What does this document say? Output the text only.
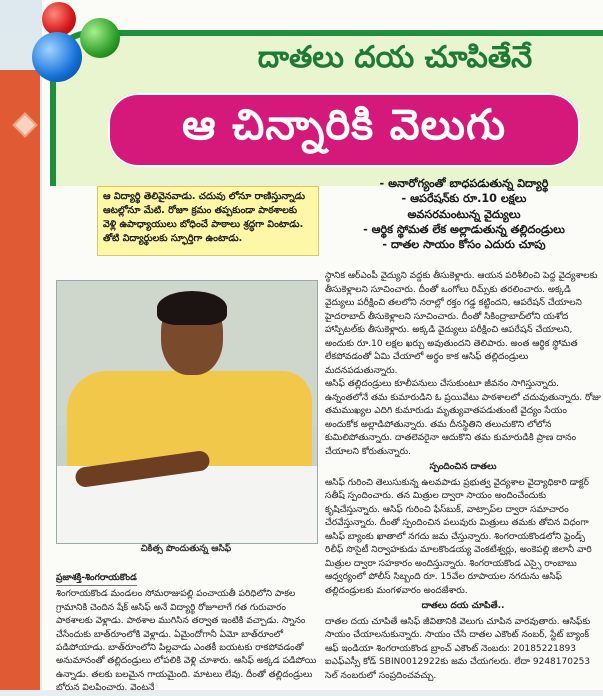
దాతలు దయ చూపితేనే
ఆ చిన్నారికి వెలుగు
ఆ విద్యార్థి తెలివైనవాడు. చదువు లోనూ రాణిస్తున్నాడు ఆటల్లోనూ మేటి. రోజూ క్రమం తప్పకుండా పాఠశాలకు వెళ్లి ఉపాధ్యాయులు బోధించే పాఠాలు శ్రద్ధగా వింటాడు. తోటి విద్యార్థులకు స్ఫూర్తిగా ఉంటాడు.
- అనారోగ్యంతో బాధపడుతున్న విద్యార్థి
- ఆపరేషన్‌కు రూ.10 లక్షలు
అవసరమంటున్న వైద్యులు
- ఆర్థిక స్థోమత లేక అల్లాడుతున్న తల్లిదండ్రులు
- దాతల సాయం కోసం ఎదురు చూపు
చికిత్స పొందుతున్న ఆసిఫ్
ప్రజాశక్తి-శింగరాయకొండ

శింగరాయకొండ మండలం సోమరాజుపల్లి పంచాయతీ పరిధిలోని పాకల గ్రామానికి చెందిన షేక్ ఆసిఫ్ అనే విద్యార్థి రోజూలాగే గత గురువారం పాఠశాలకు వెళ్లాడు. పాఠశాల ముగిసిన తర్వాత ఇంటికి వచ్చాడు. స్నానం చేసేందుకు బాత్‌రూంలోకి వెళ్లాడు. ఏమైందోగానీ ఏమో బాత్‌రూంలో పడిపోయాడు. బాత్‌రూంలోని పిల్లవాడు ఎంతకీ బయటకు రాకపోవడంతో అనుమానంతో తల్లిదండ్రులు లోపలికి వెళ్లి చూశారు. ఆసిఫ్ అక్కడ పడిపోయి ఉన్నాడు. తలకు బలమైన గాయమైంది. మాటలు లేవు. దీంతో తల్లిదండ్రులు బోరున విలపించారు. వెంటనే

స్థానిక ఆర్‌ఎంపీ వైద్యుని వద్దకు తీసుకెళ్లారు. ఆయన పరిశీలించి పెద్ద వైద్యశాలకు తీసుకెళ్లాలని సూచించారు. దీంతో ఒంగోలు రిమ్స్‌కు తరలించారు. అక్కడి వైద్యులు పరీక్షించి తలలోని నరాల్లో రక్తం గడ్డ కట్టిందని, ఆపరేషన్ చేయాలని హైదరాబాద్ తీసుకెళ్లాలని సూచించారు. దీంతో సికింద్రాబాద్‌లోని యశోద హాస్పిటల్‌కు తీసుకెళ్లారు. అక్కడి వైద్యులు పరీక్షించి ఆపరేషన్ చేయాలని, అందుకు రూ.10 లక్షల ఖర్చు అవుతుందని తెలిపారు. అంత ఆర్థిక స్థోమత లేకపోవడంతో ఏమి చేయాలో అర్థం కాక ఆసిఫ్ తల్లిదండ్రులు మదనపడుతున్నారు.

ఆసిఫ్ తల్లిదండ్రులు కూలీపనులు చేసుకుంటూ జీవనం సాగిస్తున్నారు. ఉన్నంతలోనే తమ కుమారుడిని ఓ ప్రయివేటు పాఠశాలలో చదువుతున్నారు. రోజు తమముఖ్యల ఎదిగి కుమారుడు మృత్యువాతపడుతుంటే వైద్యం సేయం అందుకోక అల్లాడిపోతున్నారు. తమ దీనస్థితిని తలుచుకొని లోలోన కుమిలిపోతున్నారు. దాతలెవరైనా ఆదుకొని తమ కుమారుడికి ప్రాణ దానం చేయాలని కోరుతున్నారు.

స్పందించిన దాతలు

ఆసిఫ్ గురించి తెలుసుకున్న ఉలవపాడు ప్రభుత్వ వైద్యశాల వైద్యాధికారి డాక్టర్ సతీష్ స్పందించారు. తన మిత్రుల ద్వారా సాయం అందించేందుకు కృషిచేస్తున్నారు. ఆసిఫ్ గురించి ఫేస్‌బుక్, వాట్సాప్‌ల ద్వారా సమాచారం చేరవేస్తున్నారు. దీంతో స్పందించిన పలువురు మిత్రులు తమకు తోచిన విధంగా ఆసిఫ్ బ్యాంకు ఖాతాలో నగదు జమ చేస్తున్నారు. శింగరాయకొండలోని ఫ్రెండ్స్ రిలీఫ్ సొసైటీ నిర్వాహకుడు మాలకొండయ్య వెంకటేశ్వర్లు, అంకెపల్లి జిలానీ వారి మిత్రుల ద్వారా సహకారం అందిస్తున్నారు. శింగరాయకొండ ఎస్సై రాంబాబు ఆధ్వర్యంలో పోలీస్ సిబ్బంది రూ. 15వేల రూపాయల నగదును ఆసిఫ్ తల్లిదండ్రులకు మంగళవారం అందజేశారు.

దాతలు దయ చూపితే..

దాతల దయ చూపితే ఆసిఫ్ జీవితానికి వెలుగు చూపిన వారవుతారు. ఆసిఫ్‌కు సాయం చేయాలనుకున్నారు. సాయం చేసే దాతల ఎకౌంట్ నంబర్, స్టేట్ బ్యాంక్ ఆఫ్ ఇండియా శింగరాయకొండ బ్రాంచ్ ఎకౌంట్ నెంబరు: 20185221893 ఐఎఫ్ఎస్సీ కోడ్ SBIN0012922కు జమ చేయగలరు. లేదా 9248170253 సెల్ నంబరులో సంప్రదించవచ్చు.
